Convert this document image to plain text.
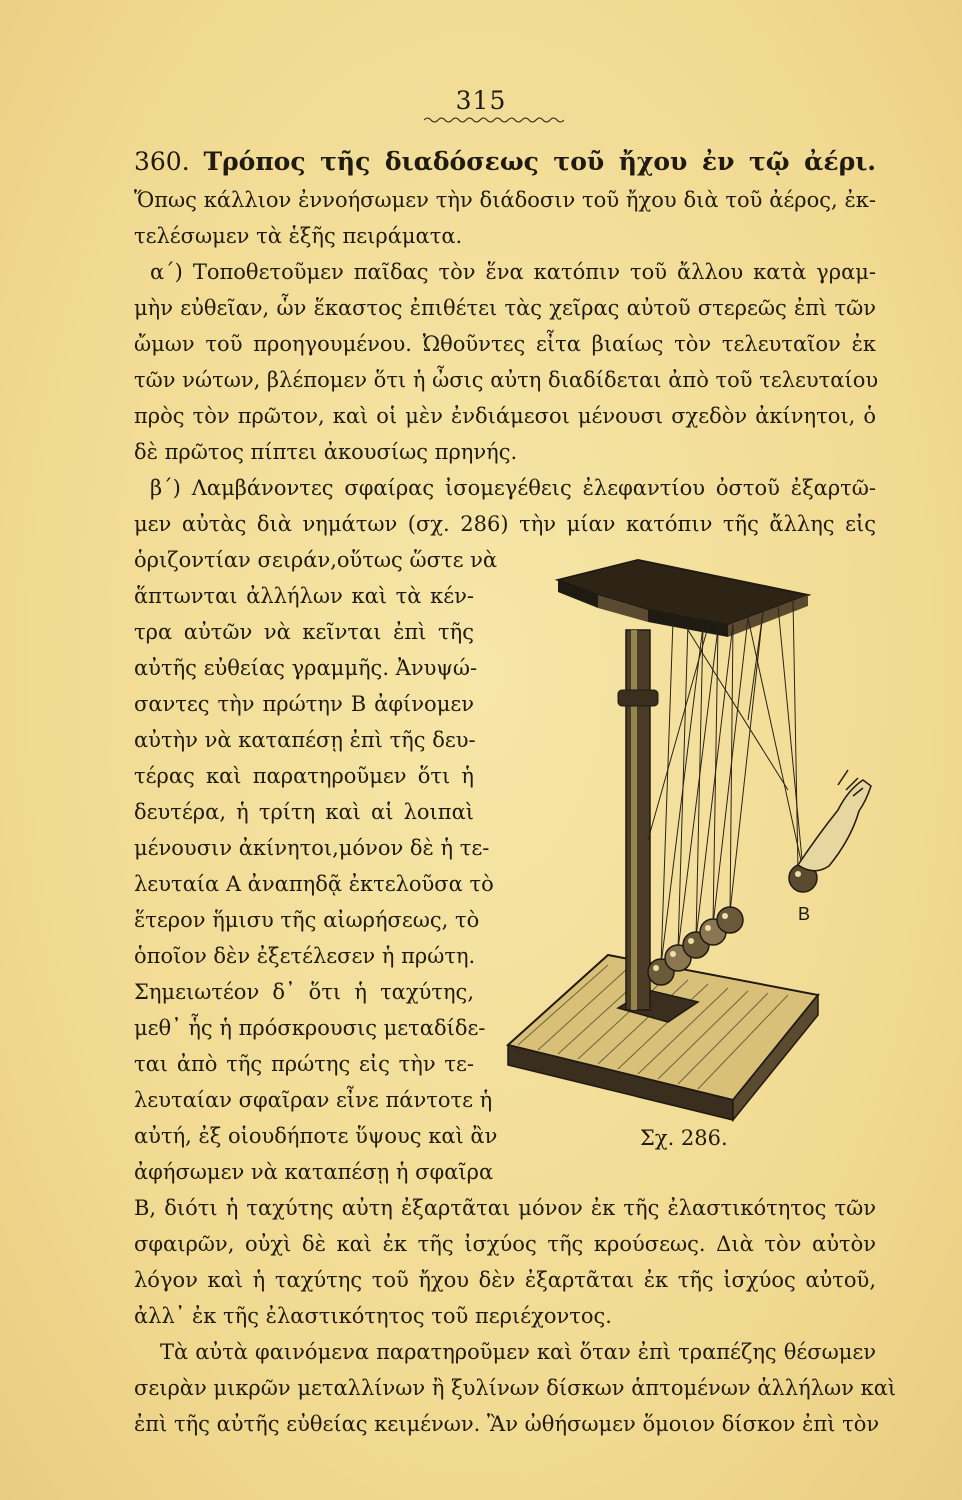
315
360. Τρόπος τῆς διαδόσεως τοῦ ἤχου ἐν τῷ ἀέρι.
Ὅπως κάλλιον ἐννοήσωμεν τὴν διάδοσιν τοῦ ἤχου διὰ τοῦ ἀέρος, ἐκ-
τελέσωμεν τὰ ἑξῆς πειράματα.
α´) Τοποθετοῦμεν παῖδας τὸν ἕνα κατόπιν τοῦ ἄλλου κατὰ γραμ-
μὴν εὐθεῖαν, ὧν ἕκαστος ἐπιθέτει τὰς χεῖρας αὐτοῦ στερεῶς ἐπὶ τῶν
ὤμων τοῦ προηγουμένου. Ὠθοῦντες εἶτα βιαίως τὸν τελευταῖον ἐκ
τῶν νώτων, βλέπομεν ὅτι ἡ ὦσις αὐτη διαδίδεται ἀπὸ τοῦ τελευταίου
πρὸς τὸν πρῶτον, καὶ οἱ μὲν ἐνδιάμεσοι μένουσι σχεδὸν ἀκίνητοι, ὁ
δὲ πρῶτος πίπτει ἀκουσίως πρηνής.
β´) Λαμβάνοντες σφαίρας ἰσομεγέθεις ἐλεφαντίου ὀστοῦ ἐξαρτῶ-
μεν αὐτὰς διὰ νημάτων (σχ. 286) τὴν μίαν κατόπιν τῆς ἄλλης εἰς
ὁριζοντίαν σειράν,οὕτως ὥστε νὰ
ἅπτωνται ἀλλήλων καὶ τὰ κέν-
τρα αὐτῶν νὰ κεῖνται ἐπὶ τῆς
αὐτῆς εὐθείας γραμμῆς. Ἀνυψώ-
σαντες τὴν πρώτην Β ἀφίνομεν
αὐτὴν νὰ καταπέσῃ ἐπὶ τῆς δευ-
τέρας καὶ παρατηροῦμεν ὅτι ἡ
δευτέρα, ἡ τρίτη καὶ αἱ λοιπαὶ
μένουσιν ἀκίνητοι,μόνον δὲ ἡ τε-
λευταία Α ἀναπηδᾷ ἐκτελοῦσα τὸ
ἕτερον ἥμισυ τῆς αἰωρήσεως, τὸ
ὁποῖον δὲν ἐξετέλεσεν ἡ πρώτη.
Σημειωτέον δ᾽ ὅτι ἡ ταχύτης,
μεθ᾽ ἧς ἡ πρόσκρουσις μεταδίδε-
ται ἀπὸ τῆς πρώτης εἰς τὴν τε-
λευταίαν σφαῖραν εἶνε πάντοτε ἡ
αὐτή, ἐξ οἱουδήποτε ὕψους καὶ ἂν
ἀφήσωμεν νὰ καταπέσῃ ἡ σφαῖρα
Β, διότι ἡ ταχύτης αὐτη ἐξαρτᾶται μόνον ἐκ τῆς ἐλαστικότητος τῶν
σφαιρῶν, οὐχὶ δὲ καὶ ἐκ τῆς ἰσχύος τῆς κρούσεως. Διὰ τὸν αὐτὸν
λόγον καὶ ἡ ταχύτης τοῦ ἤχου δὲν ἐξαρτᾶται ἐκ τῆς ἰσχύος αὐτοῦ,
ἀλλ᾽ ἐκ τῆς ἐλαστικότητος τοῦ περιέχοντος.
Τὰ αὐτὰ φαινόμενα παρατηροῦμεν καὶ ὅταν ἐπὶ τραπέζης θέσωμεν
σειρὰν μικρῶν μεταλλίνων ἢ ξυλίνων δίσκων ἁπτομένων ἀλλήλων καὶ
ἐπὶ τῆς αὐτῆς εὐθείας κειμένων. Ἂν ὠθήσωμεν ὅμοιον δίσκον ἐπὶ τὸν
B
Σχ. 286.
